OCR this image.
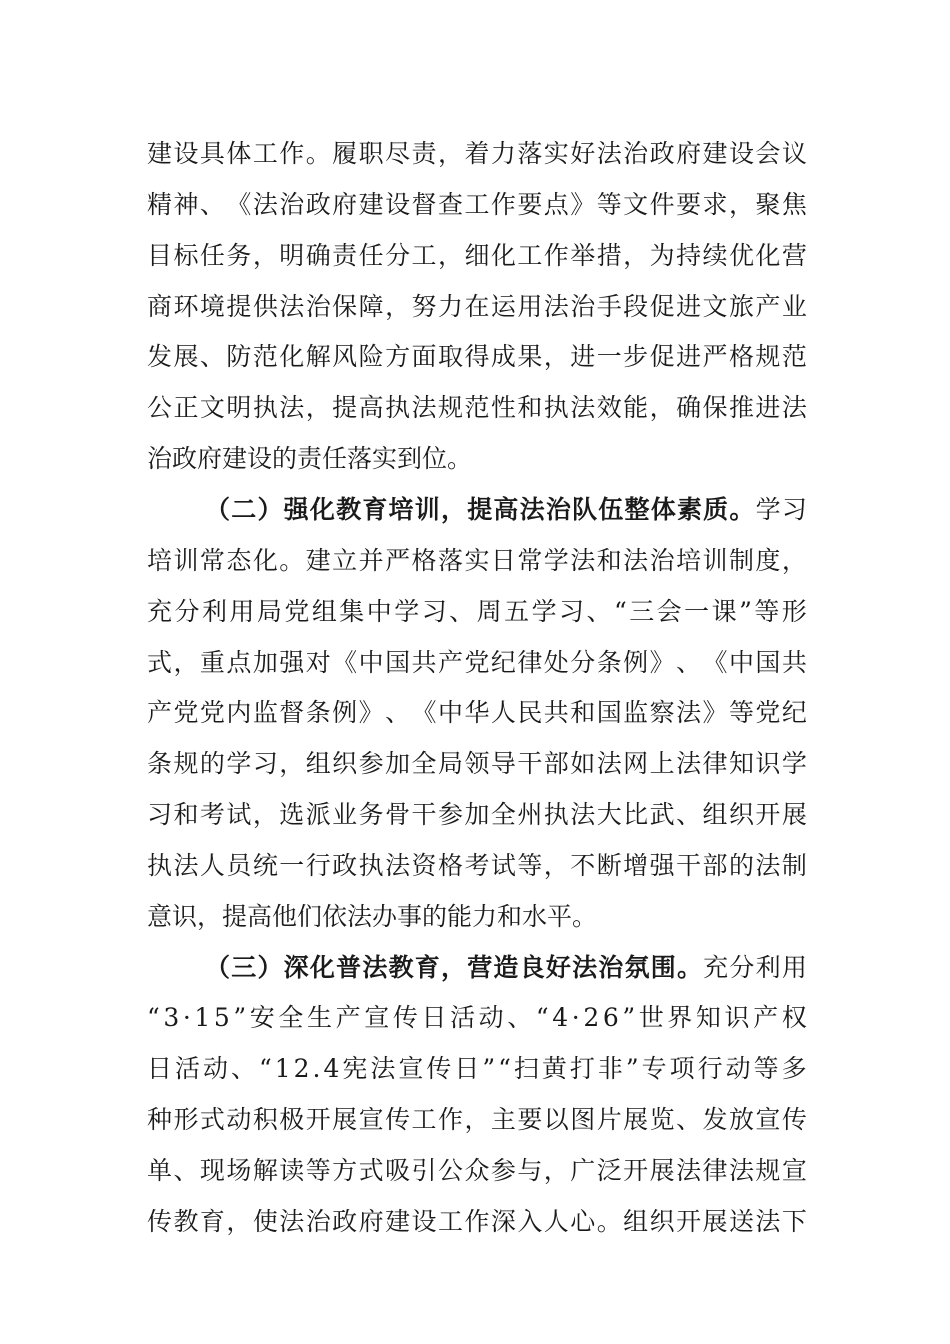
建 设 具 体 工 作 。 履 职 尽 责 ， 着 力 落 实 好 法 治 政 府 建 设 会 议
精 神 、 《 法 治 政 府 建 设 督 查 工 作 要 点 》 等 文 件 要 求 ， 聚 焦
目 标 任 务 ， 明 确 责 任 分 工 ， 细 化 工 作 举 措 ， 为 持 续 优 化 营
商 环 境 提 供 法 治 保 障 ， 努 力 在 运 用 法 治 手 段 促 进 文 旅 产 业
发 展 、 防 范 化 解 风 险 方 面 取 得 成 果 ， 进 一 步 促 进 严 格 规 范
公 正 文 明 执 法 ， 提 高 执 法 规 范 性 和 执 法 效 能 ， 确 保 推 进 法
治政府建设的责任落实到位。
（ 二 ） 强 化 教 育 培 训 ， 提 高 法 治 队 伍 整 体 素 质 。 学 习
培 训 常 态 化 。 建 立 并 严 格 落 实 日 常 学 法 和 法 治 培 训 制 度 ，
充 分 利 用 局 党 组 集 中 学 习 、 周 五 学 习 、 “ 三 会 一 课 ” 等 形
式 ， 重 点 加 强 对 《 中 国 共 产 党 纪 律 处 分 条 例 》 、 《 中 国 共
产 党 党 内 监 督 条 例 》 、 《 中 华 人 民 共 和 国 监 察 法 》 等 党 纪
条 规 的 学 习 ， 组 织 参 加 全 局 领 导 干 部 如 法 网 上 法 律 知 识 学
习 和 考 试 ， 选 派 业 务 骨 干 参 加 全 州 执 法 大 比 武 、 组 织 开 展
执 法 人 员 统 一 行 政 执 法 资 格 考 试 等 ， 不 断 增 强 干 部 的 法 制
意识，提高他们依法办事的能力和水平。
（ 三 ） 深 化 普 法 教 育 ， 营 造 良 好 法 治 氛 围 。 充 分 利 用
“ 3 · 1 5 ” 安 全 生 产 宣 传 日 活 动 、 “ 4 · 2 6 ” 世 界 知 识 产 权
日 活 动 、 “ 1 2 . 4 宪 法 宣 传 日 ” “ 扫 黄 打 非 ” 专 项 行 动 等 多
种 形 式 动 积 极 开 展 宣 传 工 作 ， 主 要 以 图 片 展 览 、 发 放 宣 传
单 、 现 场 解 读 等 方 式 吸 引 公 众 参 与 ， 广 泛 开 展 法 律 法 规 宣
传 教 育 ， 使 法 治 政 府 建 设 工 作 深 入 人 心 。 组 织 开 展 送 法 下
